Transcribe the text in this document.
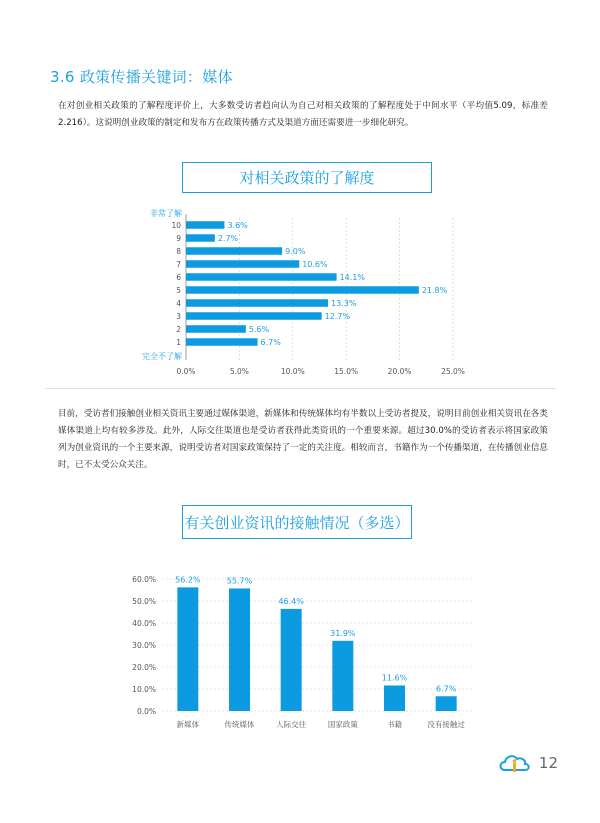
3.6 政策传播关键词：媒体
在对创业相关政策的了解程度评价上，大多数受访者趋向认为自己对相关政策的了解程度处于中间水平（平均值5.09，标准差2.216）。这说明创业政策的制定和发布方在政策传播方式及渠道方面还需要进一步细化研究。
对相关政策的了解度
0.0%	5.0%	10.0%	15.0%	20.0%	25.0%
非常了解
完全不了解
10	3.6%
9	2.7%
8	9.0%
7	10.6%
6	14.1%
5	21.8%
4	13.3%
3	12.7%
2	5.6%
1	6.7%
目前，受访者们接触创业相关资讯主要通过媒体渠道，新媒体和传统媒体均有半数以上受访者提及，说明目前创业相关资讯在各类媒体渠道上均有较多涉及。此外，人际交往渠道也是受访者获得此类资讯的一个重要来源。超过30.0%的受访者表示将国家政策列为创业资讯的一个主要来源，说明受访者对国家政策保持了一定的关注度。相较而言，书籍作为一个传播渠道，在传播创业信息时，已不太受公众关注。
有关创业资讯的接触情况（多选）
0.0%
10.0%
20.0%
30.0%
40.0%
50.0%
60.0% 56.2%
新媒体
55.7%
传统媒体
46.4%
人际交往
31.9%
国家政策
11.6%
书籍
6.7%
没有接触过
12
